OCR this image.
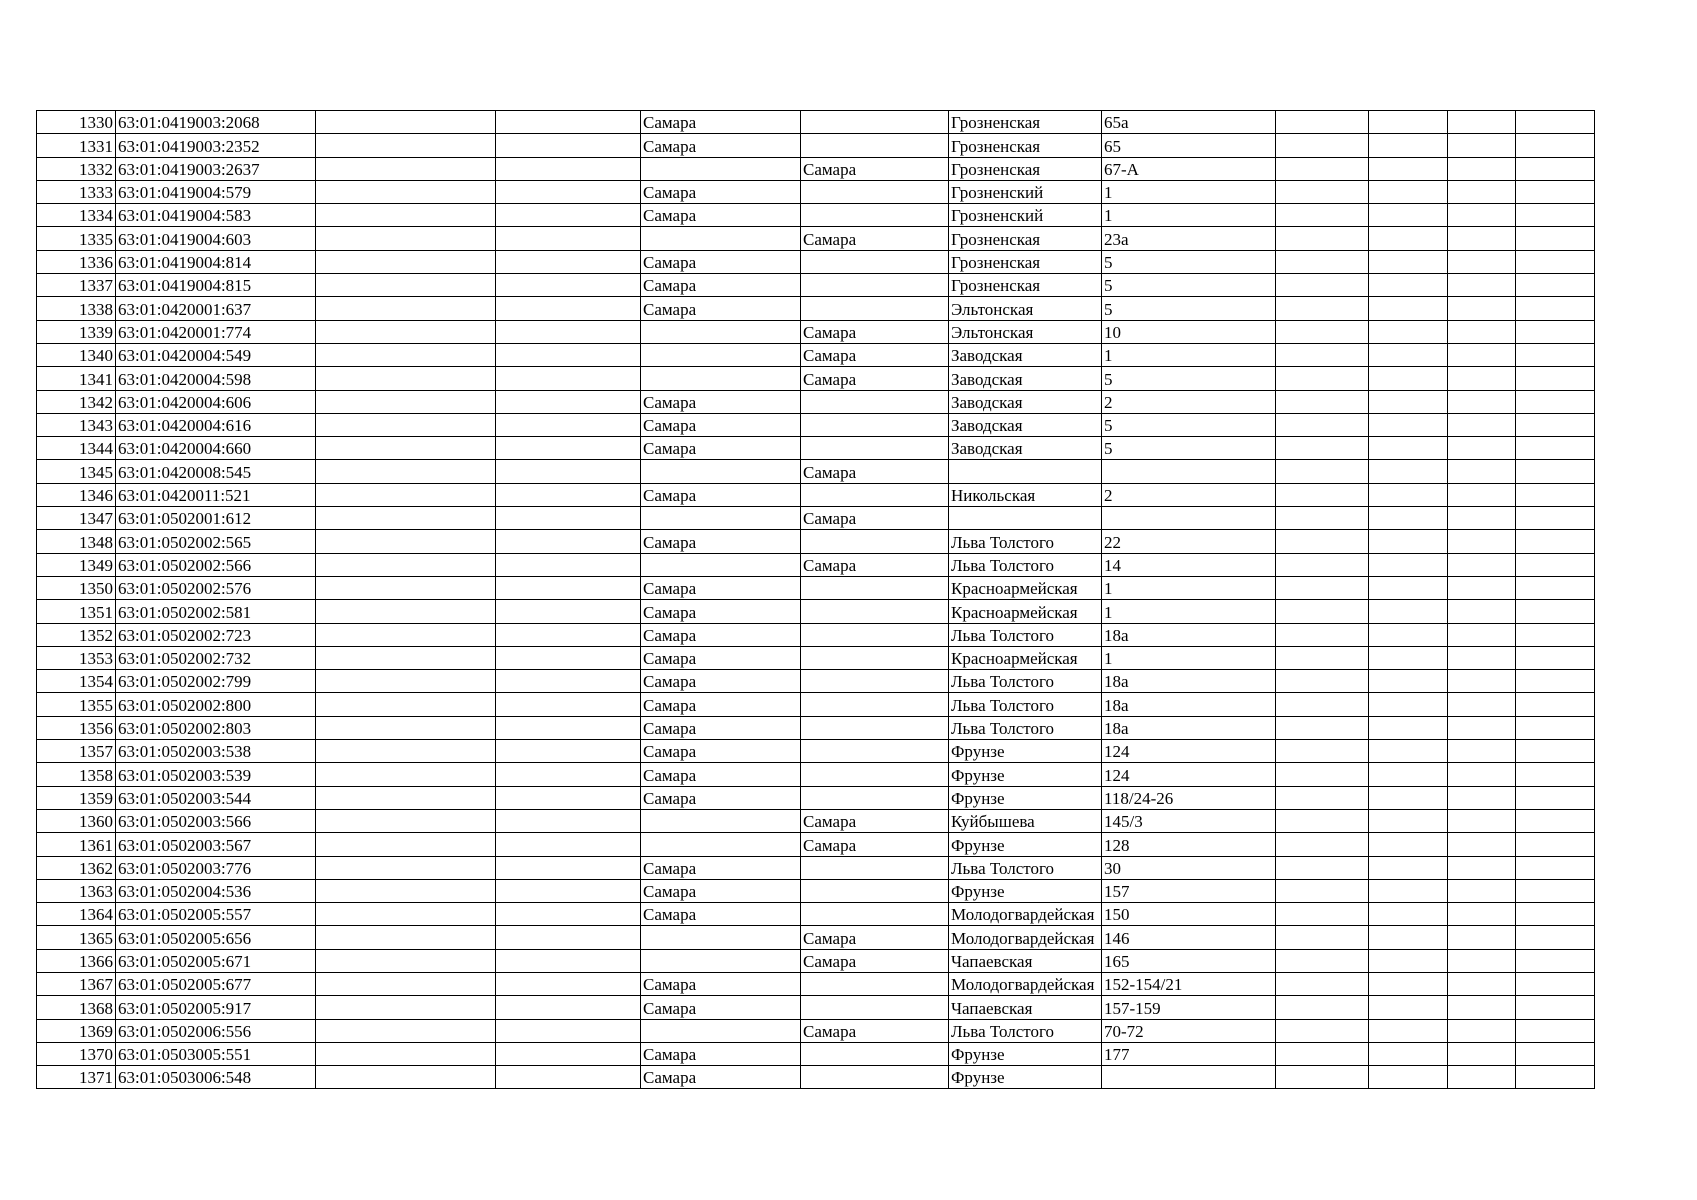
1330	63:01:0419003:2068			Самара		Грозненская	65а				
1331	63:01:0419003:2352			Самара		Грозненская	65				
1332	63:01:0419003:2637				Самара	Грозненская	67-А				
1333	63:01:0419004:579			Самара		Грозненский	1				
1334	63:01:0419004:583			Самара		Грозненский	1				
1335	63:01:0419004:603				Самара	Грозненская	23а				
1336	63:01:0419004:814			Самара		Грозненская	5				
1337	63:01:0419004:815			Самара		Грозненская	5				
1338	63:01:0420001:637			Самара		Эльтонская	5				
1339	63:01:0420001:774				Самара	Эльтонская	10				
1340	63:01:0420004:549				Самара	Заводская	1				
1341	63:01:0420004:598				Самара	Заводская	5				
1342	63:01:0420004:606			Самара		Заводская	2				
1343	63:01:0420004:616			Самара		Заводская	5				
1344	63:01:0420004:660			Самара		Заводская	5				
1345	63:01:0420008:545				Самара						
1346	63:01:0420011:521			Самара		Никольская	2				
1347	63:01:0502001:612				Самара						
1348	63:01:0502002:565			Самара		Льва Толстого	22				
1349	63:01:0502002:566				Самара	Льва Толстого	14				
1350	63:01:0502002:576			Самара		Красноармейская	1				
1351	63:01:0502002:581			Самара		Красноармейская	1				
1352	63:01:0502002:723			Самара		Льва Толстого	18а				
1353	63:01:0502002:732			Самара		Красноармейская	1				
1354	63:01:0502002:799			Самара		Льва Толстого	18а				
1355	63:01:0502002:800			Самара		Льва Толстого	18а				
1356	63:01:0502002:803			Самара		Льва Толстого	18а				
1357	63:01:0502003:538			Самара		Фрунзе	124				
1358	63:01:0502003:539			Самара		Фрунзе	124				
1359	63:01:0502003:544			Самара		Фрунзе	118/24-26				
1360	63:01:0502003:566				Самара	Куйбышева	145/3				
1361	63:01:0502003:567				Самара	Фрунзе	128				
1362	63:01:0502003:776			Самара		Льва Толстого	30				
1363	63:01:0502004:536			Самара		Фрунзе	157				
1364	63:01:0502005:557			Самара		Молодогвардейская	150				
1365	63:01:0502005:656				Самара	Молодогвардейская	146				
1366	63:01:0502005:671				Самара	Чапаевская	165				
1367	63:01:0502005:677			Самара		Молодогвардейская	152-154/21				
1368	63:01:0502005:917			Самара		Чапаевская	157-159				
1369	63:01:0502006:556				Самара	Льва Толстого	70-72				
1370	63:01:0503005:551			Самара		Фрунзе	177				
1371	63:01:0503006:548			Самара		Фрунзе					
